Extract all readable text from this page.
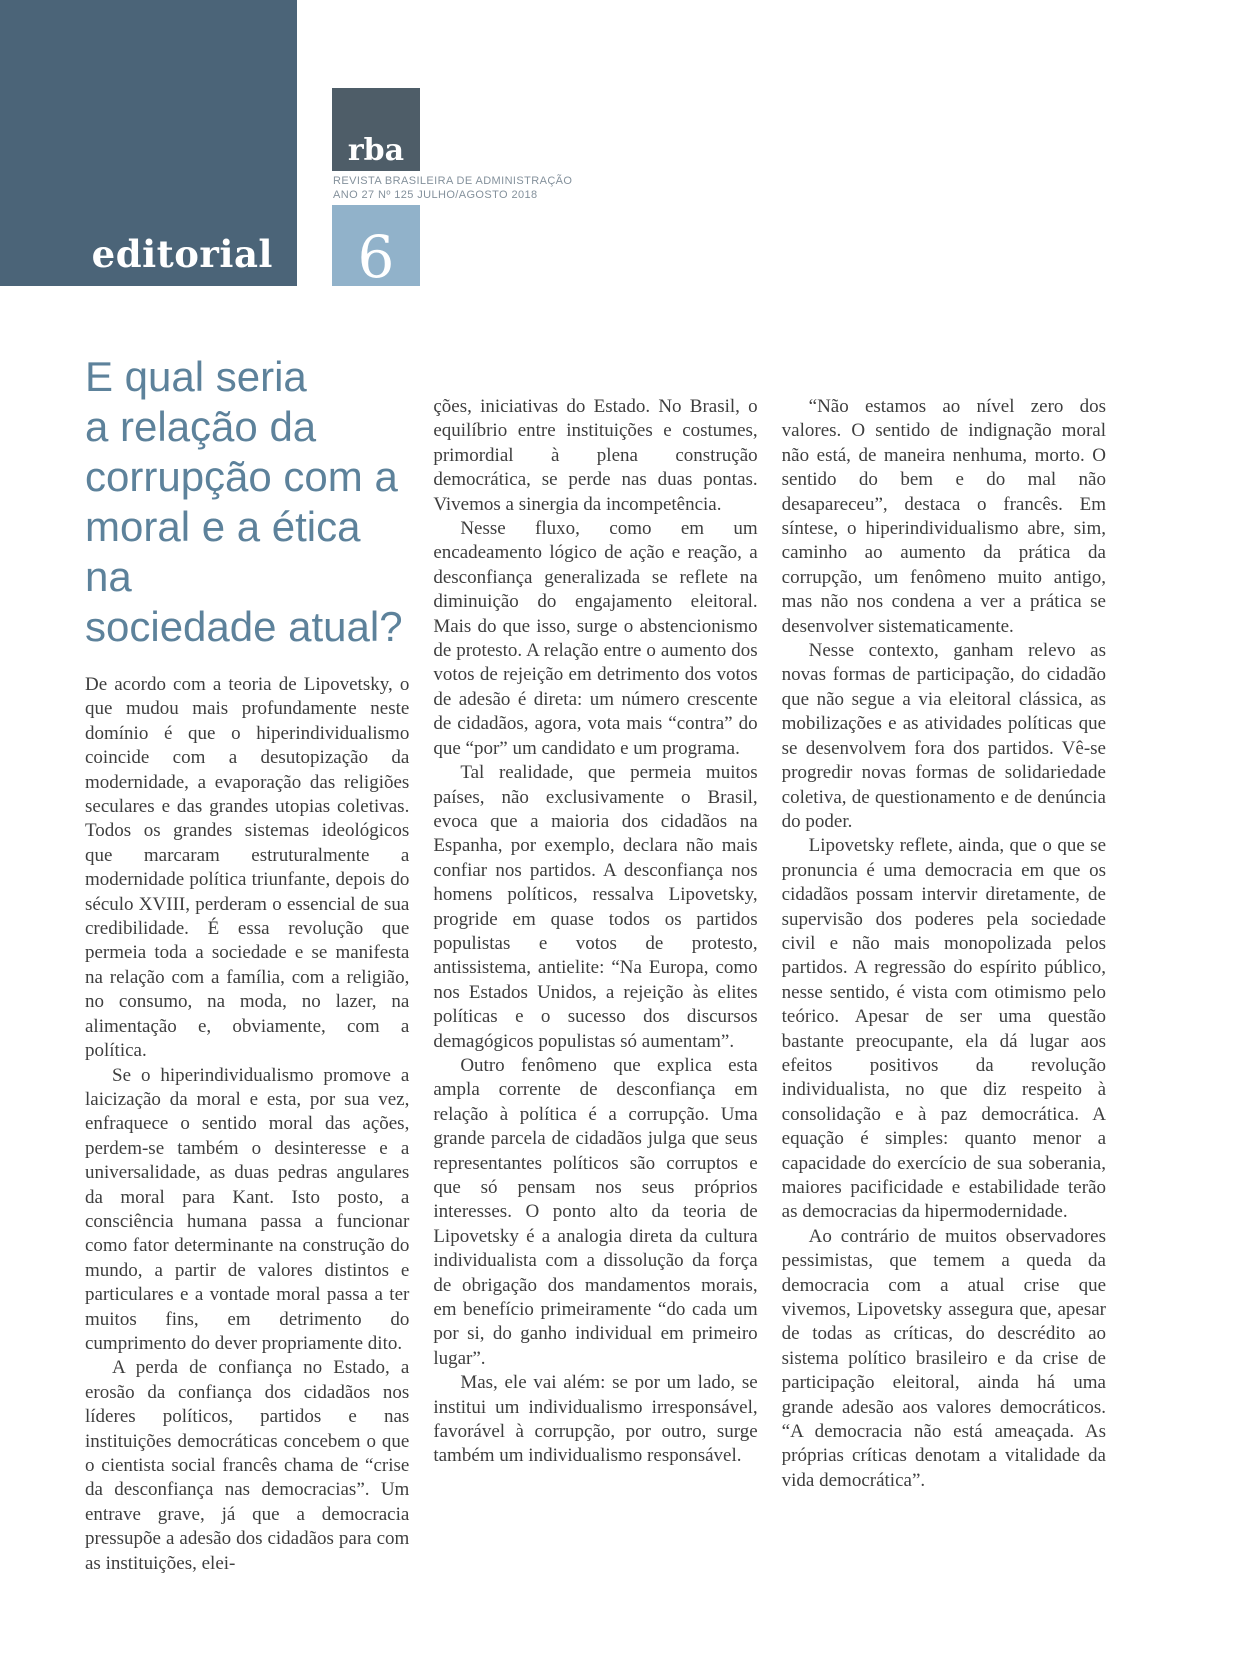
editorial
rba
REVISTA BRASILEIRA DE ADMINISTRAÇÃO
ANO 27 Nº 125 JULHO/AGOSTO 2018
6
E qual seria
a relação da
corrupção com a
moral e a ética na
sociedade atual?

De acordo com a teoria de Lipovetsky, o que mudou mais profundamente neste domínio é que o hiperindividualismo coincide com a desutopização da modernidade, a evaporação das religiões seculares e das grandes utopias coletivas. Todos os grandes sistemas ideológicos que marcaram estruturalmente a modernidade política triunfante, depois do século XVIII, perderam o essencial de sua credibilidade. É essa revolução que permeia toda a sociedade e se manifesta na relação com a família, com a religião, no consumo, na moda, no lazer, na alimentação e, obviamente, com a política.

Se o hiperindividualismo promove a laicização da moral e esta, por sua vez, enfraquece o sentido moral das ações, perdem-se também o desinteresse e a universalidade, as duas pedras angulares da moral para Kant. Isto posto, a consciência humana passa a funcionar como fator determinante na construção do mundo, a partir de valores distintos e particulares e a vontade moral passa a ter muitos fins, em detrimento do cumprimento do dever propriamente dito.

A perda de confiança no Estado, a erosão da confiança dos cidadãos nos líderes políticos, partidos e nas instituições democráticas concebem o que o cientista social francês chama de “crise da desconfiança nas democracias”. Um entrave grave, já que a democracia pressupõe a adesão dos cidadãos para com as instituições, elei-

ções, iniciativas do Estado. No Brasil, o equilíbrio entre instituições e costumes, primordial à plena construção democrática, se perde nas duas pontas. Vivemos a sinergia da incompetência.

Nesse fluxo, como em um encadeamento lógico de ação e reação, a desconfiança generalizada se reflete na diminuição do engajamento eleitoral. Mais do que isso, surge o abstencionismo de protesto. A relação entre o aumento dos votos de rejeição em detrimento dos votos de adesão é direta: um número crescente de cidadãos, agora, vota mais “contra” do que “por” um candidato e um programa.

Tal realidade, que permeia muitos países, não exclusivamente o Brasil, evoca que a maioria dos cidadãos na Espanha, por exemplo, declara não mais confiar nos partidos. A desconfiança nos homens políticos, ressalva Lipovetsky, progride em quase todos os partidos populistas e votos de protesto, antissistema, antielite: “Na Europa, como nos Estados Unidos, a rejeição às elites políticas e o sucesso dos discursos demagógicos populistas só aumentam”.

Outro fenômeno que explica esta ampla corrente de desconfiança em relação à política é a corrupção. Uma grande parcela de cidadãos julga que seus representantes políticos são corruptos e que só pensam nos seus próprios interesses. O ponto alto da teoria de Lipovetsky é a analogia direta da cultura individualista com a dissolução da força de obrigação dos mandamentos morais, em benefício primeiramente “do cada um por si, do ganho individual em primeiro lugar”.

Mas, ele vai além: se por um lado, se institui um individualismo irresponsável, favorável à corrupção, por outro, surge também um individualismo responsável.

“Não estamos ao nível zero dos valores. O sentido de indignação moral não está, de maneira nenhuma, morto. O sentido do bem e do mal não desapareceu”, destaca o francês. Em síntese, o hiperindividualismo abre, sim, caminho ao aumento da prática da corrupção, um fenômeno muito antigo, mas não nos condena a ver a prática se desenvolver sistematicamente.

Nesse contexto, ganham relevo as novas formas de participação, do cidadão que não segue a via eleitoral clássica, as mobilizações e as atividades políticas que se desenvolvem fora dos partidos. Vê-se progredir novas formas de solidariedade coletiva, de questionamento e de denúncia do poder.

Lipovetsky reflete, ainda, que o que se pronuncia é uma democracia em que os cidadãos possam intervir diretamente, de supervisão dos poderes pela sociedade civil e não mais monopolizada pelos partidos. A regressão do espírito público, nesse sentido, é vista com otimismo pelo teórico. Apesar de ser uma questão bastante preocupante, ela dá lugar aos efeitos positivos da revolução individualista, no que diz respeito à consolidação e à paz democrática. A equação é simples: quanto menor a capacidade do exercício de sua soberania, maiores pacificidade e estabilidade terão as democracias da hipermodernidade.

Ao contrário de muitos observadores pessimistas, que temem a queda da democracia com a atual crise que vivemos, Lipovetsky assegura que, apesar de todas as críticas, do descrédito ao sistema político brasileiro e da crise de participação eleitoral, ainda há uma grande adesão aos valores democráticos. “A democracia não está ameaçada. As próprias críticas denotam a vitalidade da vida democrática”.
